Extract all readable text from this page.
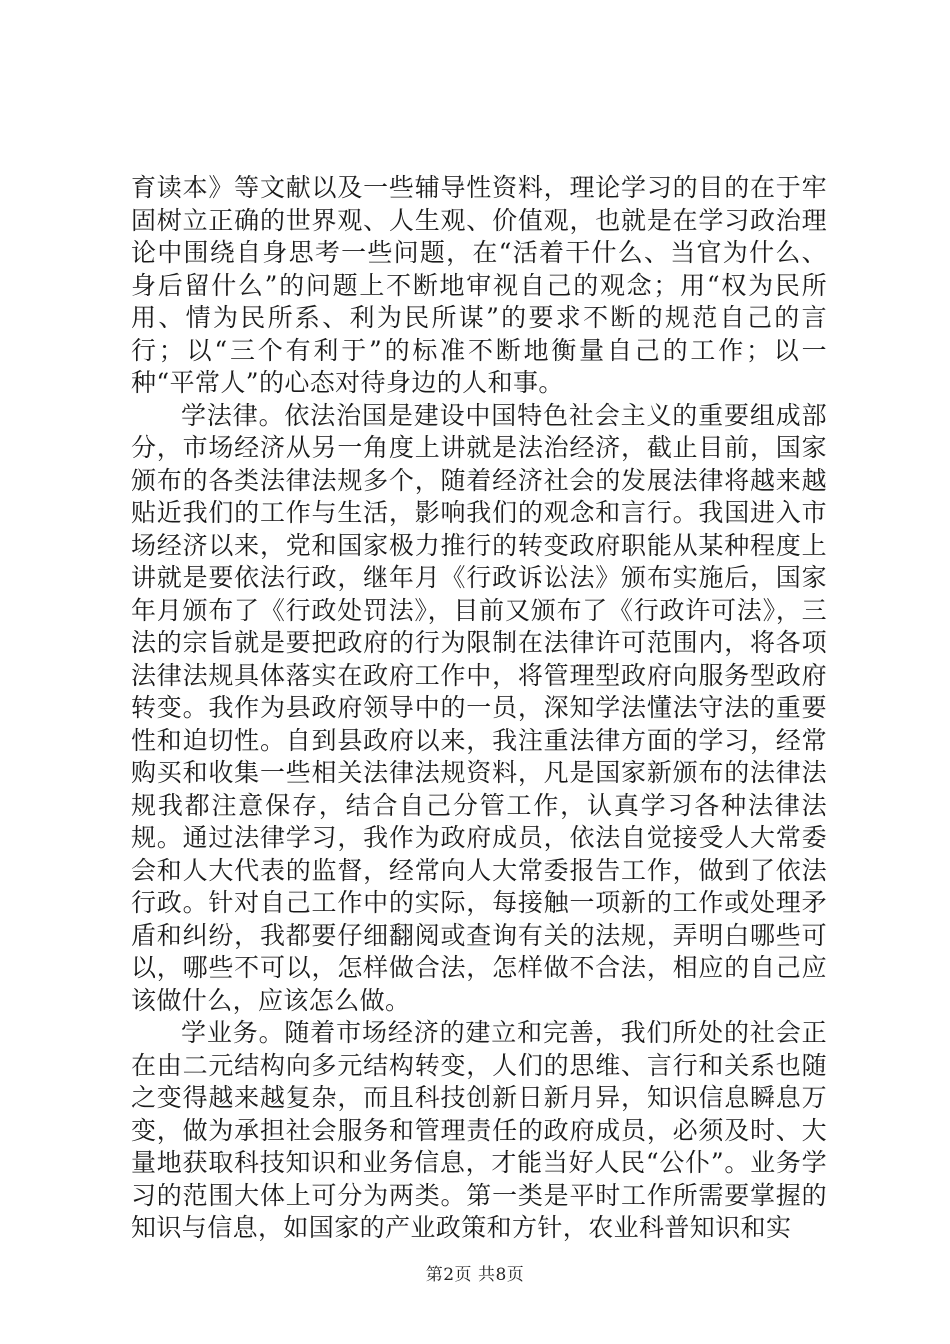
育读本》等文献以及一些辅导性资料，理论学习的目的在于牢固树立正确的世界观、人生观、价值观，也就是在学习政治理论中围绕自身思考一些问题，在“活着干什么、当官为什么、身后留什么”的问题上不断地审视自己的观念；用“权为民所用、情为民所系、利为民所谋”的要求不断的规范自己的言行；以“三个有利于”的标准不断地衡量自己的工作；以一种“平常人”的心态对待身边的人和事。

学法律。依法治国是建设中国特色社会主义的重要组成部分，市场经济从另一角度上讲就是法治经济，截止目前，国家颁布的各类法律法规多个，随着经济社会的发展法律将越来越贴近我们的工作与生活，影响我们的观念和言行。我国进入市场经济以来，党和国家极力推行的转变政府职能从某种程度上讲就是要依法行政，继年月《行政诉讼法》颁布实施后，国家年月颁布了《行政处罚法》，目前又颁布了《行政许可法》，三法的宗旨就是要把政府的行为限制在法律许可范围内，将各项法律法规具体落实在政府工作中，将管理型政府向服务型政府转变。我作为县政府领导中的一员，深知学法懂法守法的重要性和迫切性。自到县政府以来，我注重法律方面的学习，经常购买和收集一些相关法律法规资料，凡是国家新颁布的法律法规我都注意保存，结合自己分管工作，认真学习各种法律法规。通过法律学习，我作为政府成员，依法自觉接受人大常委会和人大代表的监督，经常向人大常委报告工作，做到了依法行政。针对自己工作中的实际，每接触一项新的工作或处理矛盾和纠纷，我都要仔细翻阅或查询有关的法规，弄明白哪些可以，哪些不可以，怎样做合法，怎样做不合法，相应的自己应该做什么，应该怎么做。

学业务。随着市场经济的建立和完善，我们所处的社会正在由二元结构向多元结构转变，人们的思维、言行和关系也随之变得越来越复杂，而且科技创新日新月异，知识信息瞬息万变，做为承担社会服务和管理责任的政府成员，必须及时、大量地获取科技知识和业务信息，才能当好人民“公仆”。业务学习的范围大体上可分为两类。第一类是平时工作所需要掌握的知识与信息，如国家的产业政策和方针，农业科普知识和实

第2页 共8页
